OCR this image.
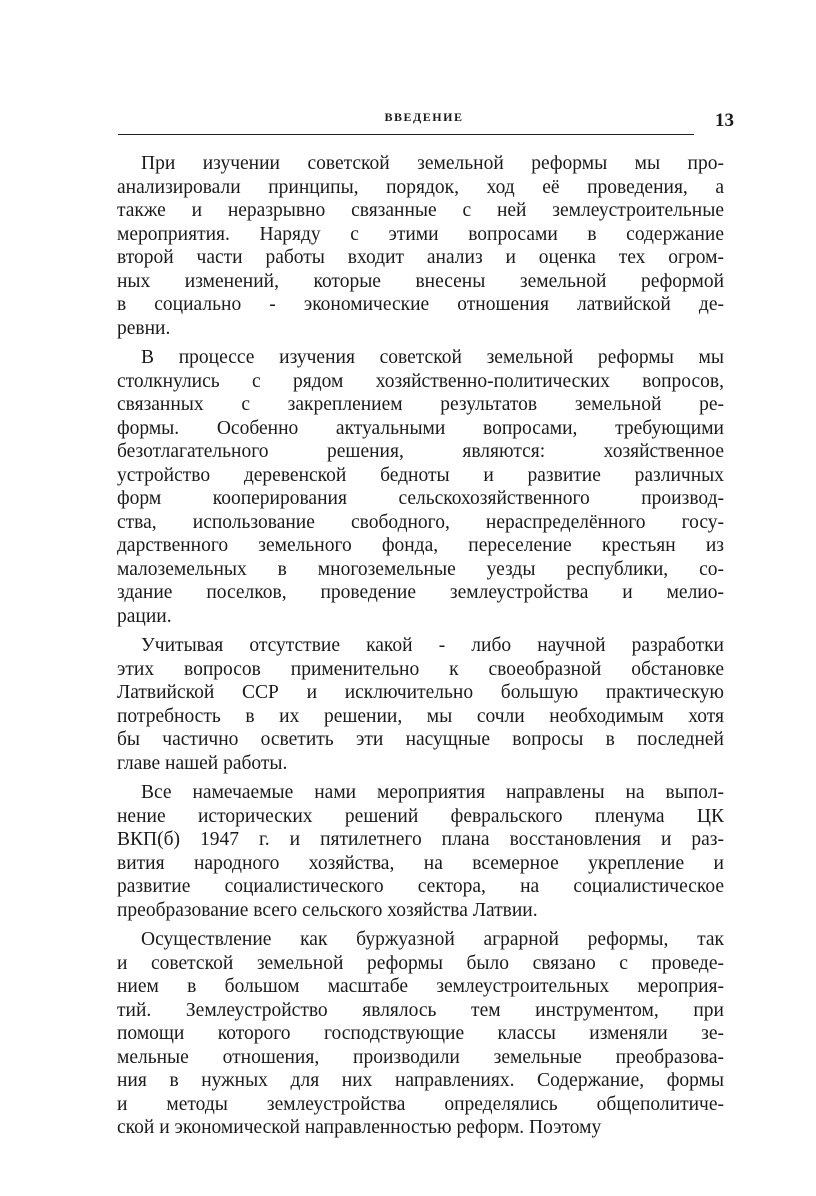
ВВЕДЕНИЕ	13
При изучении советской земельной реформы мы про-
анализировали принципы, порядок, ход её проведения, а
также и неразрывно связанные с ней землеустроительные
мероприятия. Наряду с этими вопросами в содержание
второй части работы входит анализ и оценка тех огром-
ных изменений, которые внесены земельной реформой
в социально - экономические отношения латвийской де-
ревни.
В процессе изучения советской земельной реформы мы
столкнулись с рядом хозяйственно-политических вопросов,
связанных с закреплением результатов земельной ре-
формы. Особенно актуальными вопросами, требующими
безотлагательного решения, являются: хозяйственное
устройство деревенской бедноты и развитие различных
форм кооперирования сельскохозяйственного производ-
ства, использование свободного, нераспределённого госу-
дарственного земельного фонда, переселение крестьян из
малоземельных в многоземельные уезды республики, со-
здание поселков, проведение землеустройства и мелио-
рации.
Учитывая отсутствие какой - либо научной разработки
этих вопросов применительно к своеобразной обстановке
Латвийской ССР и исключительно большую практическую
потребность в их решении, мы сочли необходимым хотя
бы частично осветить эти насущные вопросы в последней
главе нашей работы.
Все намечаемые нами мероприятия направлены на выпол-
нение исторических решений февральского пленума ЦК
ВКП(б) 1947 г. и пятилетнего плана восстановления и раз-
вития народного хозяйства, на всемерное укрепление и
развитие социалистического сектора, на социалистическое
преобразование всего сельского хозяйства Латвии.
Осуществление как буржуазной аграрной реформы, так
и советской земельной реформы было связано с проведе-
нием в большом масштабе землеустроительных мероприя-
тий. Землеустройство являлось тем инструментом, при
помощи которого господствующие классы изменяли зе-
мельные отношения, производили земельные преобразова-
ния в нужных для них направлениях. Содержание, формы
и методы землеустройства определялись общеполитиче-
ской и экономической направленностью реформ. Поэтому
